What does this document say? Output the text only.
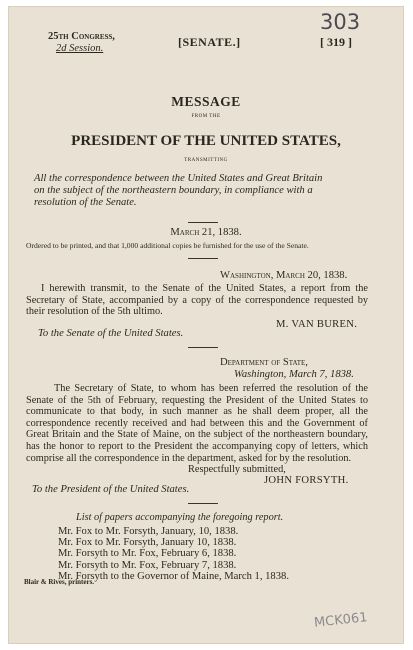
25th Congress,
2d Session.	[SENATE.]	[ 319 ]
303
MESSAGE
FROM THE
PRESIDENT OF THE UNITED STATES,
TRANSMITTING
All the correspondence between the United States and Great Britain
on the subject of the northeastern boundary, in compliance with a
resolution of the Senate.
March 21, 1838.
Ordered to be printed, and that 1,000 additional copies be furnished for the use of the Senate.
Washington, March 20, 1838.
I herewith transmit, to the Senate of the United States, a report from the Secretary of State, accompanied by a copy of the correspondence requested by their resolution of the 5th ultimo.
M. VAN BUREN.
To the Senate of the United States.
Department of State,
Washington, March 7, 1838.
The Secretary of State, to whom has been referred the resolution of the Senate of the 5th of February, requesting the President of the United States to communicate to that body, in such manner as he shall deem proper, all the correspondence recently received and had between this and the Government of Great Britain and the State of Maine, on the subject of the northeastern boundary, has the honor to report to the President the accompanying copy of letters, which comprise all the correspondence in the department, asked for by the resolution.
Respectfully submitted,
JOHN FORSYTH.
To the President of the United States.
List of papers accompanying the foregoing report.
Mr. Fox to Mr. Forsyth, January, 10, 1838.
Mr. Fox to Mr. Forsyth, January 10, 1838.
Mr. Forsyth to Mr. Fox, February 6, 1838.
Mr. Forsyth to Mr. Fox, February 7, 1838.
Mr. Forsyth to the Governor of Maine, March 1, 1838.
Blair & Rives, printers.
MCK061
